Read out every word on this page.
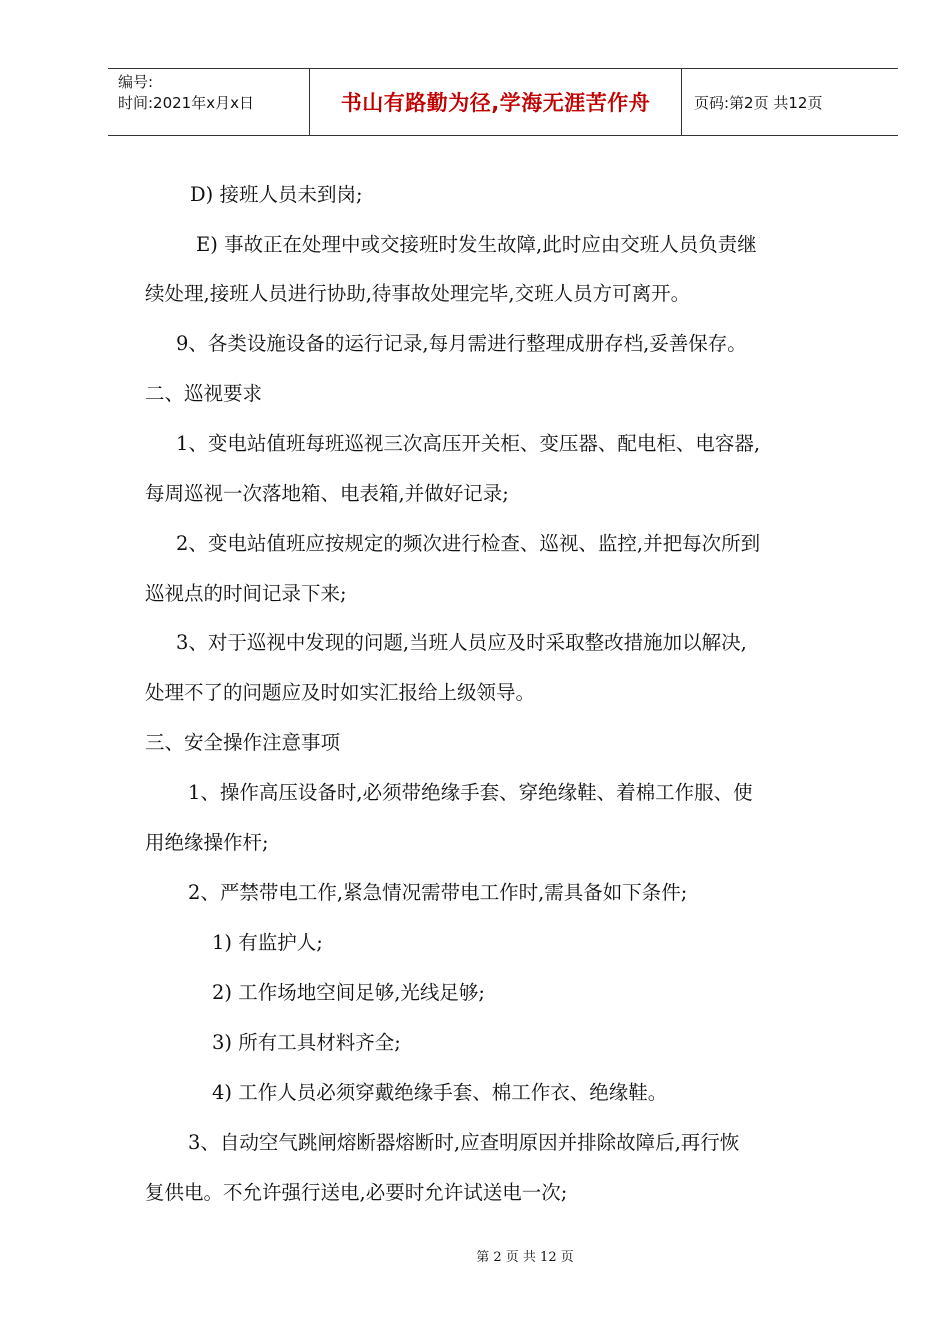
编号:
时间:2021年x月x日	书山有路勤为径,学海无涯苦作舟	页码:第2页 共12页
D) 接班人员未到岗;
E) 事故正在处理中或交接班时发生故障,此时应由交班人员负责继
续处理,接班人员进行协助,待事故处理完毕,交班人员方可离开。
9、各类设施设备的运行记录,每月需进行整理成册存档,妥善保存。
二、巡视要求
1、变电站值班每班巡视三次高压开关柜、变压器、配电柜、电容器,
每周巡视一次落地箱、电表箱,并做好记录;
2、变电站值班应按规定的频次进行检查、巡视、监控,并把每次所到
巡视点的时间记录下来;
3、对于巡视中发现的问题,当班人员应及时采取整改措施加以解决,
处理不了的问题应及时如实汇报给上级领导。
三、安全操作注意事项
1、操作高压设备时,必须带绝缘手套、穿绝缘鞋、着棉工作服、使
用绝缘操作杆;
2、严禁带电工作,紧急情况需带电工作时,需具备如下条件;
1) 有监护人;
2) 工作场地空间足够,光线足够;
3) 所有工具材料齐全;
4) 工作人员必须穿戴绝缘手套、棉工作衣、绝缘鞋。
3、自动空气跳闸熔断器熔断时,应查明原因并排除故障后,再行恢
复供电。不允许强行送电,必要时允许试送电一次;
第 2 页 共 12 页
